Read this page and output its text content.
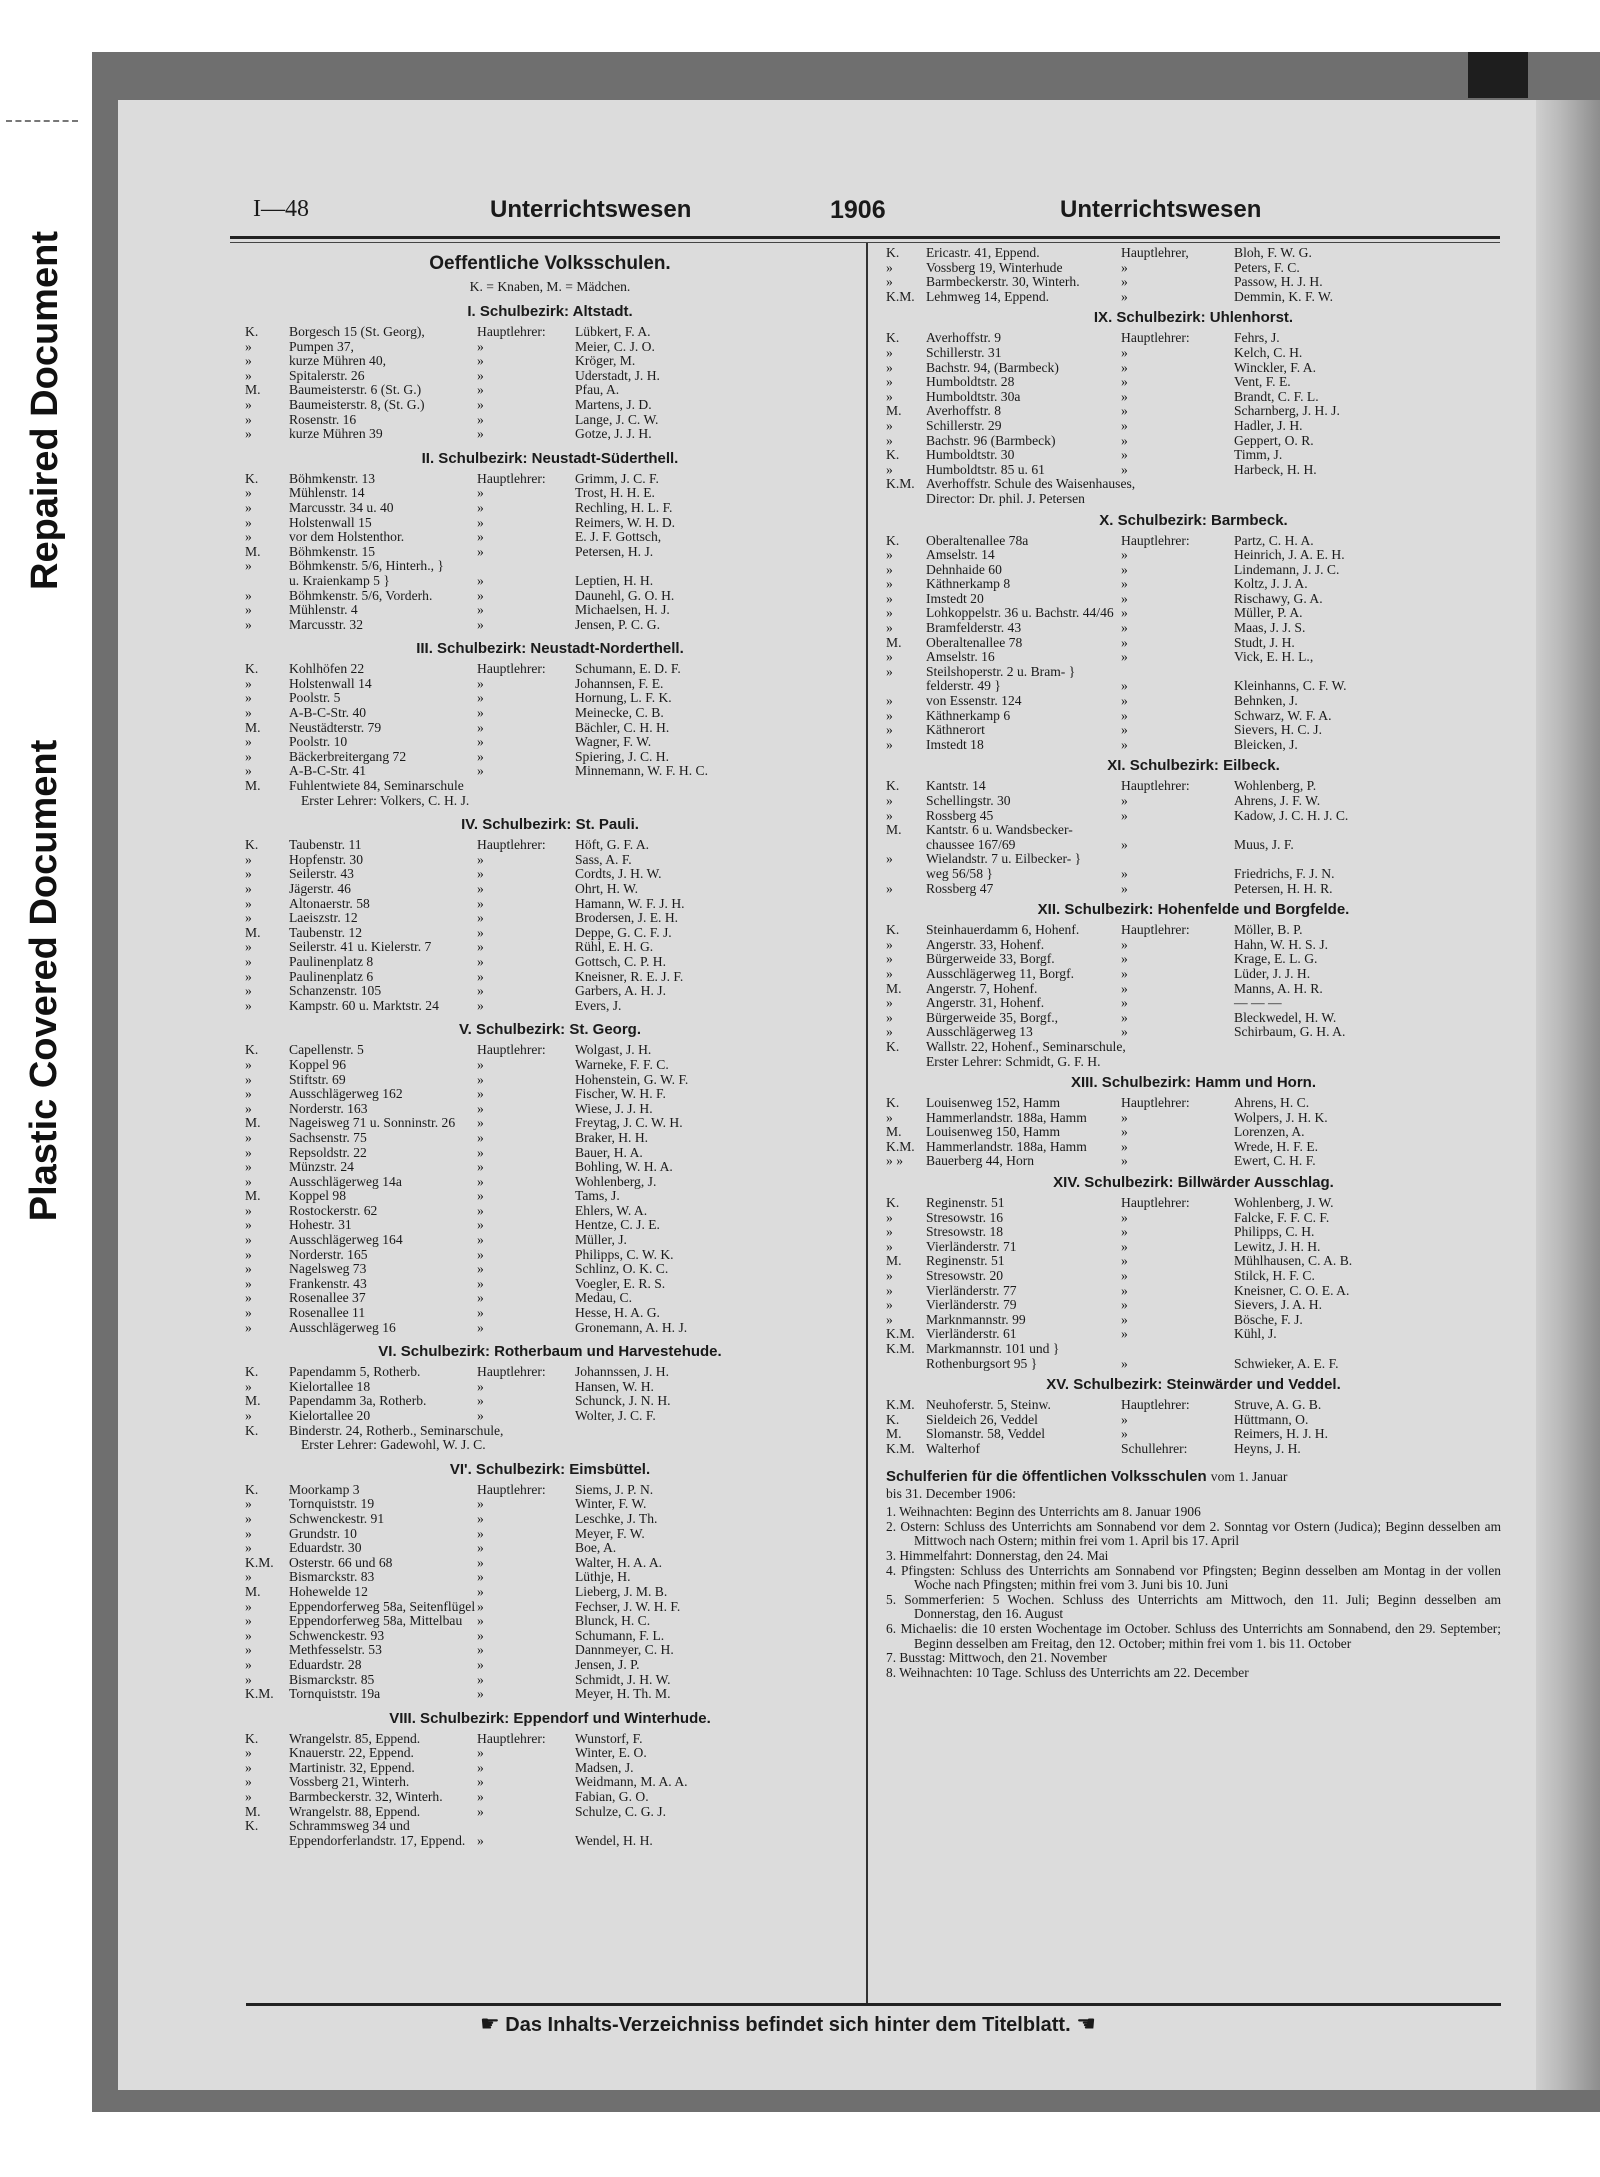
Repaired Document
Plastic Covered Document
I—48	Unterrichtswesen	1906	Unterrichtswesen
Oeffentliche Volksschulen.
K. = Knaben, M. = Mädchen.
I. Schulbezirk: Altstadt.
K.	Borgesch 15 (St. Georg),	Hauptlehrer: Lübkert, F. A.
»	Pumpen 37,	»	Meier, C. J. O.
»	kurze Mühren 40,	»	Kröger, M.
»	Spitalerstr. 26	»	Uderstadt, J. H.
M.	Baumeisterstr. 6 (St. G.)	»	Pfau, A.
»	Baumeisterstr. 8, (St. G.)	»	Martens, J. D.
»	Rosenstr. 16	»	Lange, J. C. W.
»	kurze Mühren 39	»	Gotze, J. J. H.
II. Schulbezirk: Neustadt-Süderthell.
K.	Böhmkenstr. 13	Hauptlehrer: Grimm, J. C. F.
»	Mühlenstr. 14	»	Trost, H. H. E.
»	Marcusstr. 34 u. 40	»	Rechling, H. L. F.
»	Holstenwall 15	»	Reimers, W. H. D.
»	vor dem Holstenthor.	»	E. J. F. Gottsch,
M.	Böhmkenstr. 15	»	Petersen, H. J.
»	Böhmkenstr. 5/6, Hinterh., }
u. Kraienkamp 5 }	»	Leptien, H. H.
»	Böhmkenstr. 5/6, Vorderh.	»	Daunehl, G. O. H.
»	Mühlenstr. 4	»	Michaelsen, H. J.
»	Marcusstr. 32	»	Jensen, P. C. G.
III. Schulbezirk: Neustadt-Norderthell.
K.	Kohlhöfen 22	Hauptlehrer: Schumann, E. D. F.
»	Holstenwall 14	»	Johannsen, F. E.
»	Poolstr. 5	»	Hornung, L. F. K.
»	A-B-C-Str. 40	»	Meinecke, C. B.
M.	Neustädterstr. 79	»	Bächler, C. H. H.
»	Poolstr. 10	»	Wagner, F. W.
»	Bäckerbreitergang 72	»	Spiering, J. C. H.
»	A-B-C-Str. 41	»	Minnemann, W. F. H. C.
M.	Fuhlentwiete 84, Seminarschule
Erster Lehrer: Volkers, C. H. J.
IV. Schulbezirk: St. Pauli.
K.	Taubenstr. 11	Hauptlehrer: Höft, G. F. A.
»	Hopfenstr. 30	»	Sass, A. F.
»	Seilerstr. 43	»	Cordts, J. H. W.
»	Jägerstr. 46	»	Ohrt, H. W.
»	Altonaerstr. 58	»	Hamann, W. F. J. H.
»	Laeiszstr. 12	»	Brodersen, J. E. H.
M.	Taubenstr. 12	»	Deppe, G. C. F. J.
»	Seilerstr. 41 u. Kielerstr. 7	»	Rühl, E. H. G.
»	Paulinenplatz 8	»	Gottsch, C. P. H.
»	Paulinenplatz 6	»	Kneisner, R. E. J. F.
»	Schanzenstr. 105	»	Garbers, A. H. J.
»	Kampstr. 60 u. Marktstr. 24	»	Evers, J.
V. Schulbezirk: St. Georg.
K.	Capellenstr. 5	Hauptlehrer: Wolgast, J. H.
»	Koppel 96	»	Warneke, F. F. C.
»	Stiftstr. 69	»	Hohenstein, G. W. F.
»	Ausschlägerweg 162	»	Fischer, W. H. F.
»	Norderstr. 163	»	Wiese, J. J. H.
M.	Nageisweg 71 u. Sonninstr. 26 »	Freytag, J. C. W. H.
»	Sachsenstr. 75	»	Braker, H. H.
»	Repsoldstr. 22	»	Bauer, H. A.
»	Münzstr. 24	»	Bohling, W. H. A.
»	Ausschlägerweg 14a	»	Wohlenberg, J.
M.	Koppel 98	»	Tams, J.
»	Rostockerstr. 62	»	Ehlers, W. A.
»	Hohestr. 31	»	Hentze, C. J. E.
»	Ausschlägerweg 164	»	Müller, J.
»	Norderstr. 165	»	Philipps, C. W. K.
»	Nagelsweg 73	»	Schlinz, O. K. C.
»	Frankenstr. 43	»	Voegler, E. R. S.
»	Rosenallee 37	»	Medau, C.
»	Rosenallee 11	»	Hesse, H. A. G.
»	Ausschlägerweg 16	»	Gronemann, A. H. J.
VI. Schulbezirk: Rotherbaum und Harvestehude.
K.	Papendamm 5, Rotherb.	Hauptlehrer: Johannssen, J. H.
»	Kielortallee 18	»	Hansen, W. H.
M.	Papendamm 3a, Rotherb.	»	Schunck, J. N. H.
»	Kielortallee 20	»	Wolter, J. C. F.
K.	Binderstr. 24, Rotherb., Seminarschule,
Erster Lehrer: Gadewohl, W. J. C.
VI'. Schulbezirk: Eimsbüttel.
K.	Moorkamp 3	Hauptlehrer: Siems, J. P. N.
»	Tornquiststr. 19	»	Winter, F. W.
»	Schwenckestr. 91	»	Leschke, J. Th.
»	Grundstr. 10	»	Meyer, F. W.
»	Eduardstr. 30	»	Boe, A.
K.M.	Osterstr. 66 und 68	»	Walter, H. A. A.
»	Bismarckstr. 83	»	Lüthje, H.
M.	Hohewelde 12	»	Lieberg, J. M. B.
»	Eppendorferweg 58a, Seitenflügel »	Fechser, J. W. H. F.
»	Eppendorferweg 58a, Mittelbau »	Blunck, H. C.
»	Schwenckestr. 93	»	Schumann, F. L.
»	Methfesselstr. 53	»	Dannmeyer, C. H.
»	Eduardstr. 28	»	Jensen, J. P.
»	Bismarckstr. 85	»	Schmidt, J. H. W.
K.M.	Tornquiststr. 19a	»	Meyer, H. Th. M.
VIII. Schulbezirk: Eppendorf und Winterhude.
K.	Wrangelstr. 85, Eppend.	Hauptlehrer: Wunstorf, F.
»	Knauerstr. 22, Eppend.	»	Winter, E. O.
»	Martinistr. 32, Eppend.	»	Madsen, J.
»	Vossberg 21, Winterh.	»	Weidmann, M. A. A.
»	Barmbeckerstr. 32, Winterh.	»	Fabian, G. O.
M.	Wrangelstr. 88, Eppend.	»	Schulze, C. G. J.
K.	Schrammsweg 34 und
Eppendorferlandstr. 17, Eppend. »	Wendel, H. H.
K.	Ericastr. 41, Eppend.	Hauptlehrer,	Bloh, F. W. G.
»	Vossberg 19, Winterhude	»	Peters, F. C.
»	Barmbeckerstr. 30, Winterh.	»	Passow, H. J. H.
K.M. Lehmweg 14, Eppend.	»	Demmin, K. F. W.
IX. Schulbezirk: Uhlenhorst.
K.	Averhoffstr. 9	Hauptlehrer:	Fehrs, J.
»	Schillerstr. 31	»	Kelch, C. H.
»	Bachstr. 94, (Barmbeck)	»	Winckler, F. A.
»	Humboldtstr. 28	»	Vent, F. E.
»	Humboldtstr. 30a	»	Brandt, C. F. L.
M.	Averhoffstr. 8	»	Scharnberg, J. H. J.
»	Schillerstr. 29	»	Hadler, J. H.
»	Bachstr. 96 (Barmbeck)	»	Geppert, O. R.
K.	Humboldtstr. 30	»	Timm, J.
»	Humboldtstr. 85 u. 61	»	Harbeck, H. H.
K.M. Averhoffstr. Schule des Waisenhauses,
Director: Dr. phil. J. Petersen
X. Schulbezirk: Barmbeck.
K.	Oberaltenallee 78a	Hauptlehrer:	Partz, C. H. A.
»	Amselstr. 14	»	Heinrich, J. A. E. H.
»	Dehnhaide 60	»	Lindemann, J. J. C.
»	Käthnerkamp 8	»	Koltz, J. J. A.
»	Imstedt 20	»	Rischawy, G. A.
»	Lohkoppelstr. 36 u. Bachstr. 44/46 »	Müller, P. A.
»	Bramfelderstr. 43	»	Maas, J. J. S.
M.	Oberaltenallee 78	»	Studt, J. H.
»	Amselstr. 16	»	Vick, E. H. L.,
»	Steilshoperstr. 2 u. Bram- }
felderstr. 49 }	»	Kleinhanns, C. F. W.
»	von Essenstr. 124	»	Behnken, J.
»	Käthnerkamp 6	»	Schwarz, W. F. A.
»	Käthnerort	»	Sievers, H. C. J.
»	Imstedt 18	»	Bleicken, J.
XI. Schulbezirk: Eilbeck.
K.	Kantstr. 14	Hauptlehrer:	Wohlenberg, P.
»	Schellingstr. 30	»	Ahrens, J. F. W.
»	Rossberg 45	»	Kadow, J. C. H. J. C.
M.	Kantstr. 6 u. Wandsbecker-
chaussee 167/69	»	Muus, J. F.
»	Wielandstr. 7 u. Eilbecker- }
weg 56/58 }	»	Friedrichs, F. J. N.
»	Rossberg 47	»	Petersen, H. H. R.
XII. Schulbezirk: Hohenfelde und Borgfelde.
K.	Steinhauerdamm 6, Hohenf.	Hauptlehrer:	Möller, B. P.
»	Angerstr. 33, Hohenf.	»	Hahn, W. H. S. J.
»	Bürgerweide 33, Borgf.	»	Krage, E. L. G.
»	Ausschlägerweg 11, Borgf.	»	Lüder, J. J. H.
M.	Angerstr. 7, Hohenf.	»	Manns, A. H. R.
»	Angerstr. 31, Hohenf.	»	— — —
»	Bürgerweide 35, Borgf.,	»	Bleckwedel, H. W.
»	Ausschlägerweg 13	»	Schirbaum, G. H. A.
K.	Wallstr. 22, Hohenf., Seminarschule,
Erster Lehrer: Schmidt, G. F. H.
XIII. Schulbezirk: Hamm und Horn.
K.	Louisenweg 152, Hamm	Hauptlehrer:	Ahrens, H. C.
»	Hammerlandstr. 188a, Hamm	»	Wolpers, J. H. K.
M.	Louisenweg 150, Hamm	»	Lorenzen, A.
K.M. Hammerlandstr. 188a, Hamm	»	Wrede, H. F. E.
» »	Bauerberg 44, Horn	»	Ewert, C. H. F.
XIV. Schulbezirk: Billwärder Ausschlag.
K.	Reginenstr. 51	Hauptlehrer:	Wohlenberg, J. W.
»	Stresowstr. 16	»	Falcke, F. F. C. F.
»	Stresowstr. 18	»	Philipps, C. H.
»	Vierländerstr. 71	»	Lewitz, J. H. H.
M.	Reginenstr. 51	»	Mühlhausen, C. A. B.
»	Stresowstr. 20	»	Stilck, H. F. C.
»	Vierländerstr. 77	»	Kneisner, C. O. E. A.
»	Vierländerstr. 79	»	Sievers, J. A. H.
»	Marknmannstr. 99	»	Bösche, F. J.
K.M. Vierländerstr. 61	»	Kühl, J.
K.M. Markmannstr. 101 und }
Rothenburgsort 95 }	»	Schwieker, A. E. F.
XV. Schulbezirk: Steinwärder und Veddel.
K.M. Neuhoferstr. 5, Steinw.	Hauptlehrer:	Struve, A. G. B.
K.	Sieldeich 26, Veddel	»	Hüttmann, O.
M.	Slomanstr. 58, Veddel	»	Reimers, H. J. H.
K.M. Walterhof	Schullehrer:	Heyns, J. H.
Schulferien für die öffentlichen Volksschulen vom 1. Januar
bis 31. December 1906:
1. Weihnachten: Beginn des Unterrichts am 8. Januar 1906
2. Ostern: Schluss des Unterrichts am Sonnabend vor dem 2. Sonntag vor Ostern (Judica); Beginn desselben am Mittwoch nach Ostern; mithin frei vom 1. April bis 17. April
3. Himmelfahrt: Donnerstag, den 24. Mai
4. Pfingsten: Schluss des Unterrichts am Sonnabend vor Pfingsten; Beginn desselben am Montag in der vollen Woche nach Pfingsten; mithin frei vom 3. Juni bis 10. Juni
5. Sommerferien: 5 Wochen. Schluss des Unterrichts am Mittwoch, den 11. Juli; Beginn desselben am Donnerstag, den 16. August
6. Michaelis: die 10 ersten Wochentage im October. Schluss des Unterrichts am Sonnabend, den 29. September; Beginn desselben am Freitag, den 12. October; mithin frei vom 1. bis 11. October
7. Busstag: Mittwoch, den 21. November
8. Weihnachten: 10 Tage. Schluss des Unterrichts am 22. December
☛ Das Inhalts-Verzeichniss befindet sich hinter dem Titelblatt. ☚
